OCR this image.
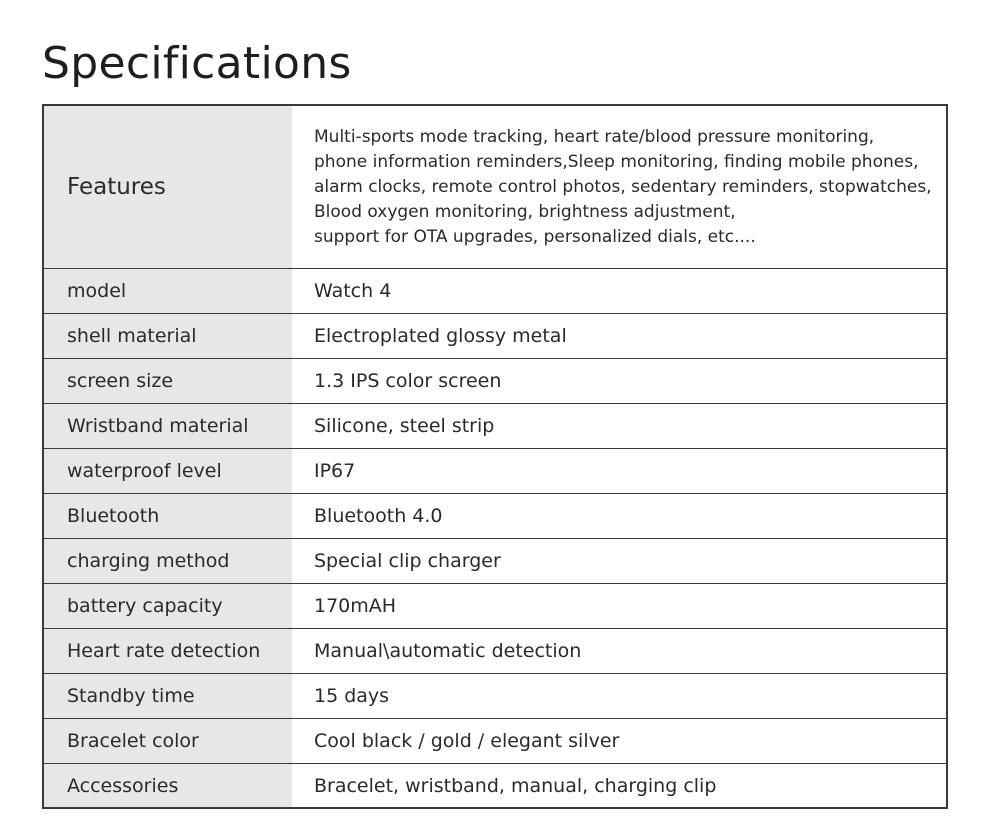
Specifications
Features	Multi-sports mode tracking, heart rate/blood pressure monitoring,
phone information reminders,Sleep monitoring, finding mobile phones,
alarm clocks, remote control photos, sedentary reminders, stopwatches,
Blood oxygen monitoring, brightness adjustment,
support for OTA upgrades, personalized dials, etc....

model	Watch 4
shell material	Electroplated glossy metal
screen size	1.3 IPS color screen
Wristband material	Silicone, steel strip
waterproof level	IP67
Bluetooth	Bluetooth 4.0
charging method	Special clip charger
battery capacity	170mAH
Heart rate detection	Manual\automatic detection
Standby time	15 days
Bracelet color	Cool black / gold / elegant silver
Accessories	Bracelet, wristband, manual, charging clip
